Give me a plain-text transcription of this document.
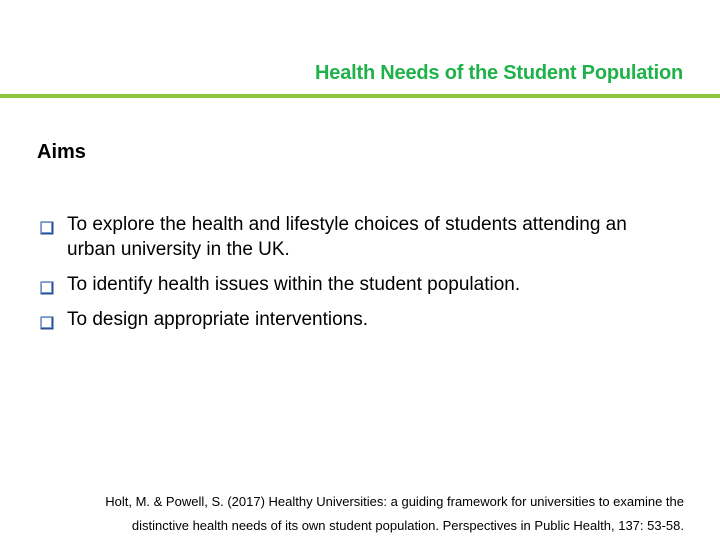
Health Needs of the Student Population
Aims
To explore the health and lifestyle choices of students attending an urban university in the UK.
To identify health issues within the student population.
To design appropriate interventions.
Holt, M. & Powell, S. (2017) Healthy Universities: a guiding framework for universities to examine the
distinctive health needs of its own student population. Perspectives in Public Health, 137: 53-58.
